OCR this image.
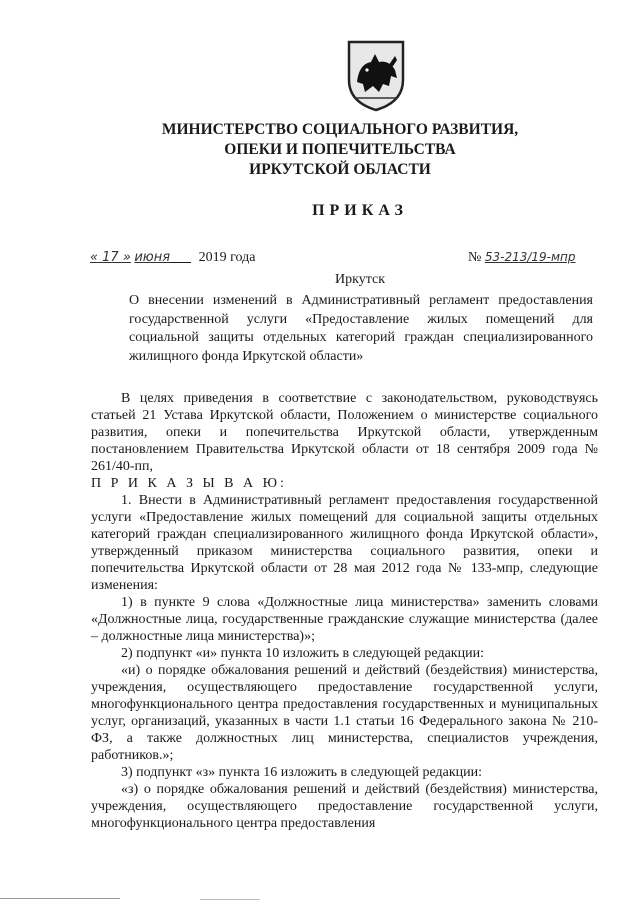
МИНИСТЕРСТВО СОЦИАЛЬНОГО РАЗВИТИЯ,
ОПЕКИ И ПОПЕЧИТЕЛЬСТВА
ИРКУТСКОЙ ОБЛАСТИ
ПРИКАЗ
« 17 » июня 2019 года	№ 53-213/19-мпр
Иркутск
О внесении изменений в Административный регламент предоставления государственной услуги «Предоставление жилых помещений для социальной защиты отдельных категорий граждан специализированного жилищного фонда Иркутской области»

В целях приведения в соответствие с законодательством, руководствуясь статьей 21 Устава Иркутской области, Положением о министерстве социального развития, опеки и попечительства Иркутской области, утвержденным постановлением Правительства Иркутской области от 18 сентября 2009 года № 261/40-пп,

П Р И К А З Ы В А Ю:

1. Внести в Административный регламент предоставления государственной услуги «Предоставление жилых помещений для социальной защиты отдельных категорий граждан специализированного жилищного фонда Иркутской области», утвержденный приказом министерства социального развития, опеки и попечительства Иркутской области от 28 мая 2012 года № 133-мпр, следующие изменения:

1) в пункте 9 слова «Должностные лица министерства» заменить словами «Должностные лица, государственные гражданские служащие министерства (далее – должностные лица министерства)»;

2) подпункт «и» пункта 10 изложить в следующей редакции:

«и) о порядке обжалования решений и действий (бездействия) министерства, учреждения, осуществляющего предоставление государственной услуги, многофункционального центра предоставления государственных и муниципальных услуг, организаций, указанных в части 1.1 статьи 16 Федерального закона № 210-ФЗ, а также должностных лиц министерства, специалистов учреждения, работников.»;

3) подпункт «з» пункта 16 изложить в следующей редакции:

«з) о порядке обжалования решений и действий (бездействия) министерства, учреждения, осуществляющего предоставление государственной услуги, многофункционального центра предоставления
